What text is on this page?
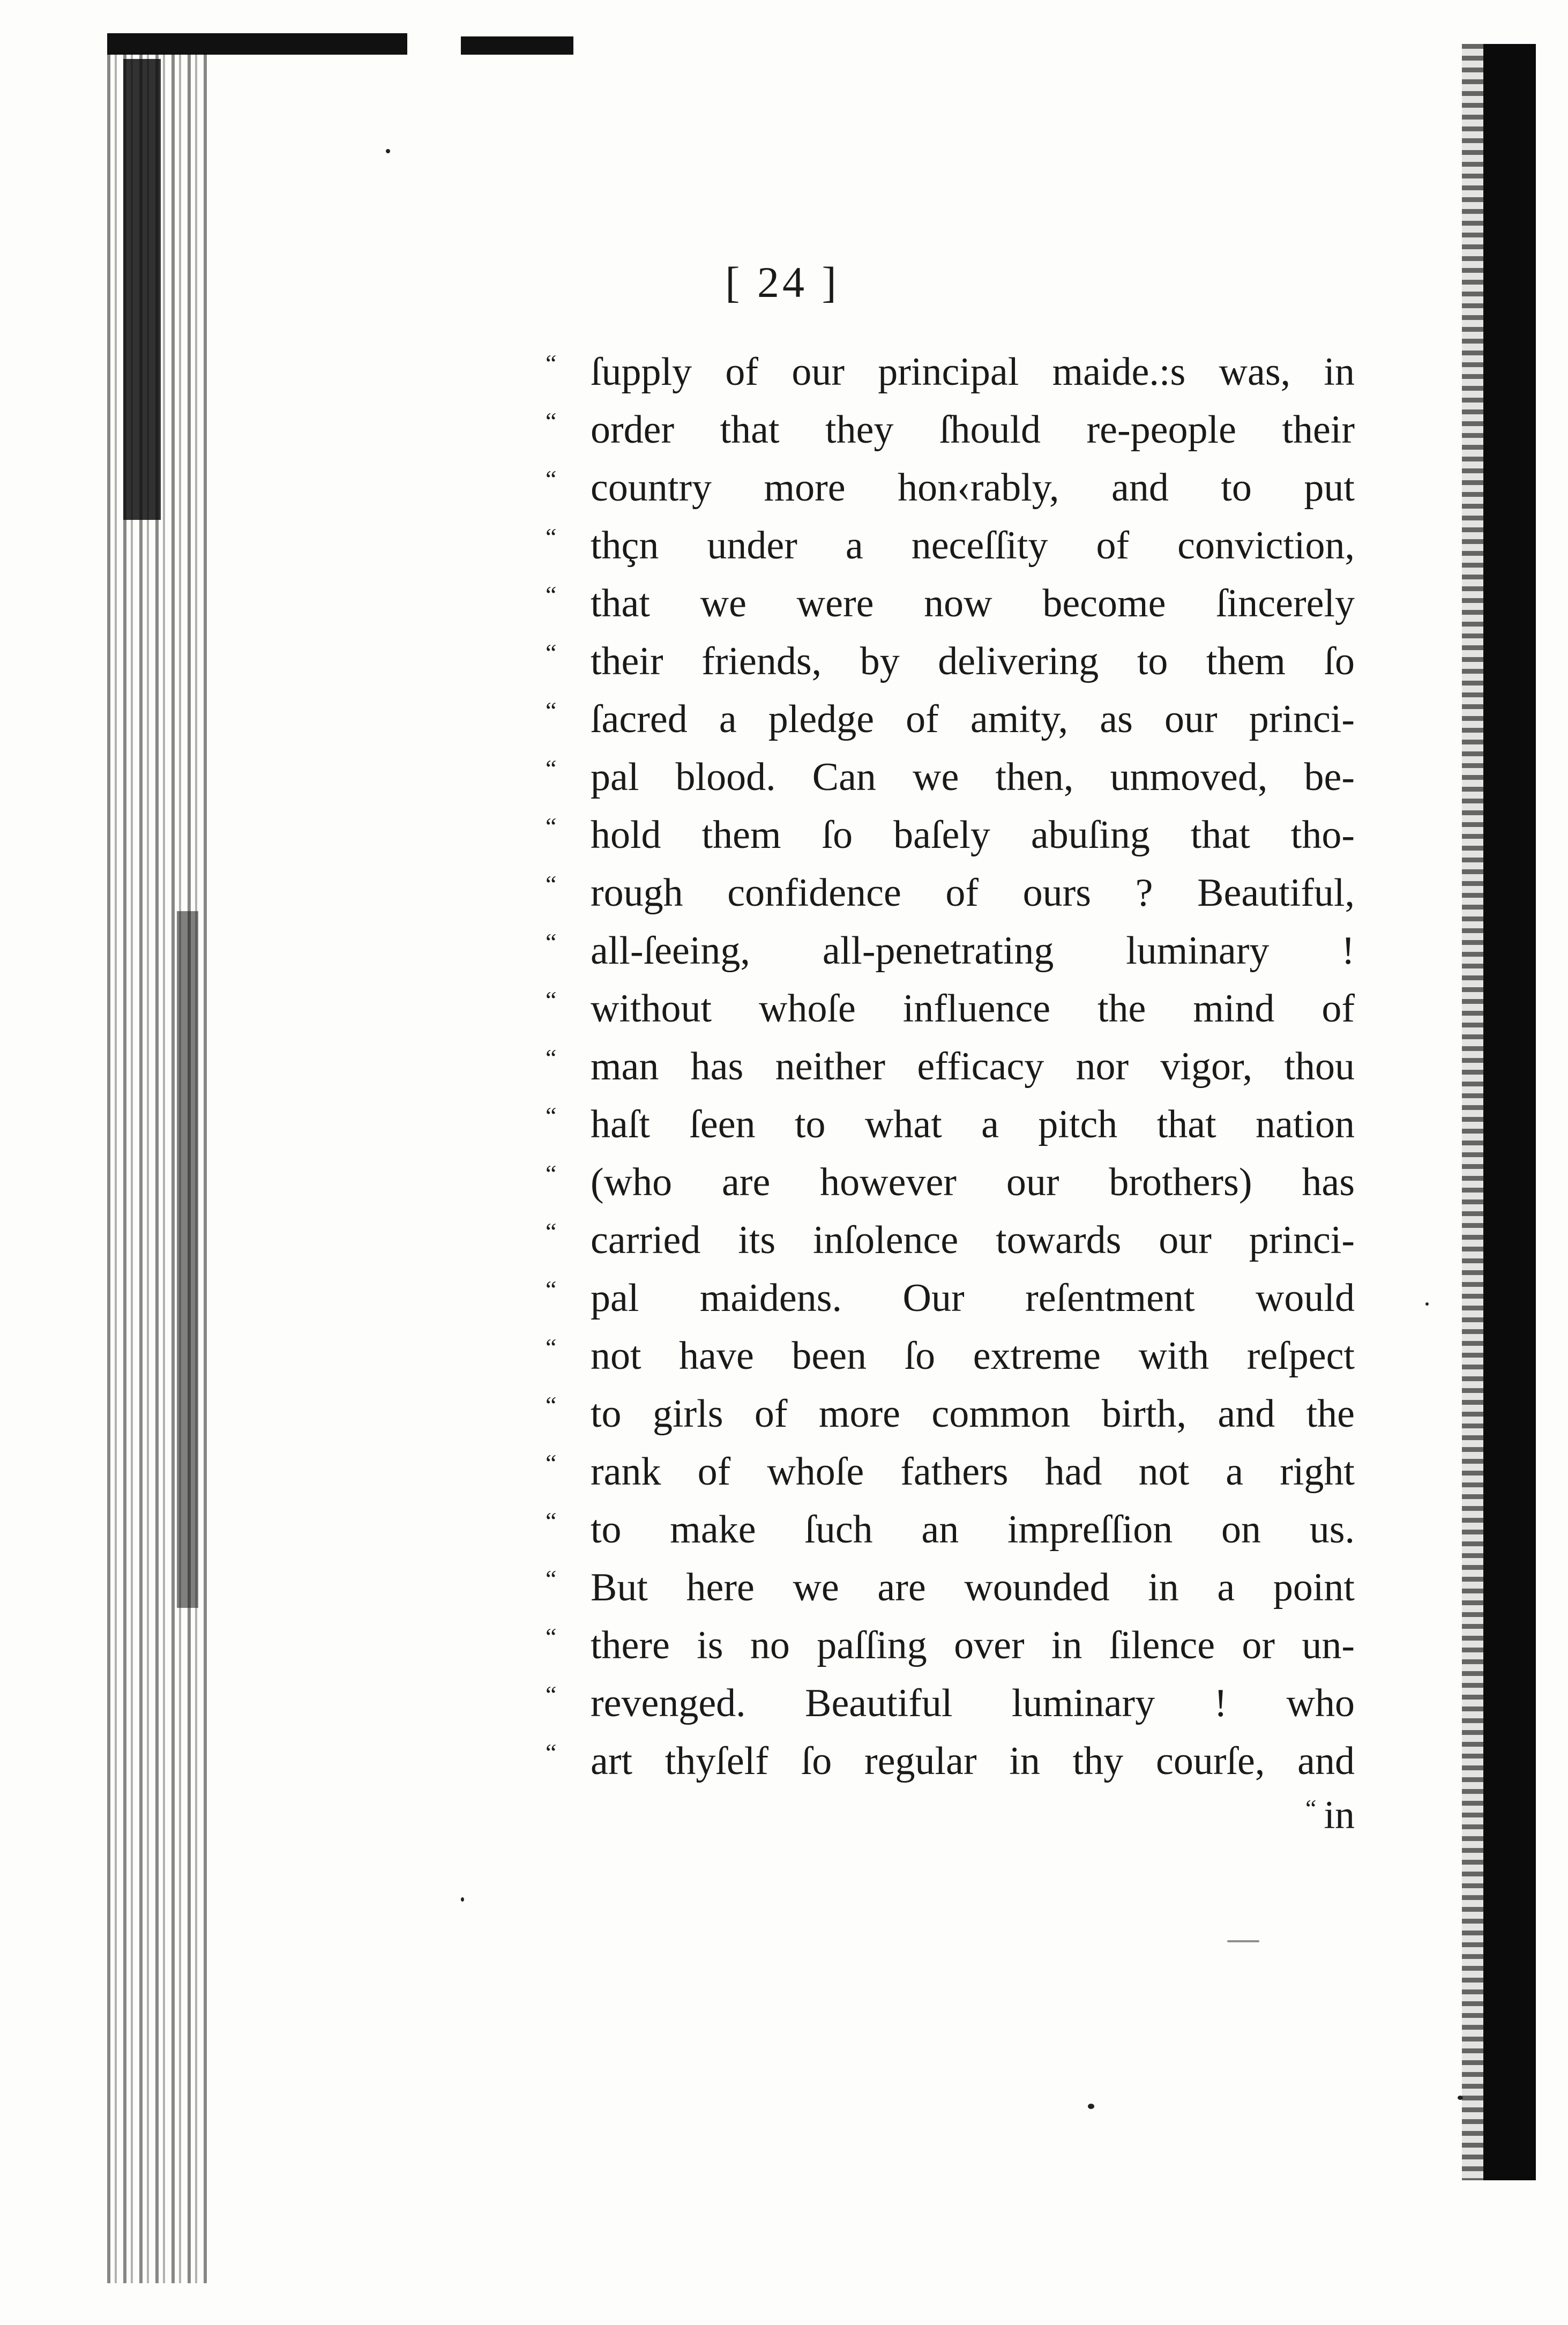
[ 24 ]

“ ſupply of our principal maide.:s was, in
“ order that they ſhould re-people their
“ country more hon‹rably, and to put
“ thçn under a neceſſity of conviction,
“ that we were now become ſincerely
“ their friends, by delivering to them ſo
“ ſacred a pledge of amity, as our princi-
“ pal blood. Can we then, unmoved, be-
“ hold them ſo baſely abuſing that tho-
“ rough confidence of ours ? Beautiful,
“ all-ſeeing, all-penetrating luminary !
“ without whoſe influence the mind of
“ man has neither efficacy nor vigor, thou
“ haſt ſeen to what a pitch that nation
“ (who are however our brothers) has
“ carried its inſolence towards our princi-
“ pal maidens. Our reſentment would
“ not have been ſo extreme with reſpect
“ to girls of more common birth, and the
“ rank of whoſe fathers had not a right
“ to make ſuch an impreſſion on us.
“ But here we are wounded in a point
“ there is no paſſing over in ſilence or un-
“ revenged. Beautiful luminary ! who
“ art thyſelf ſo regular in thy courſe, and

“ in
